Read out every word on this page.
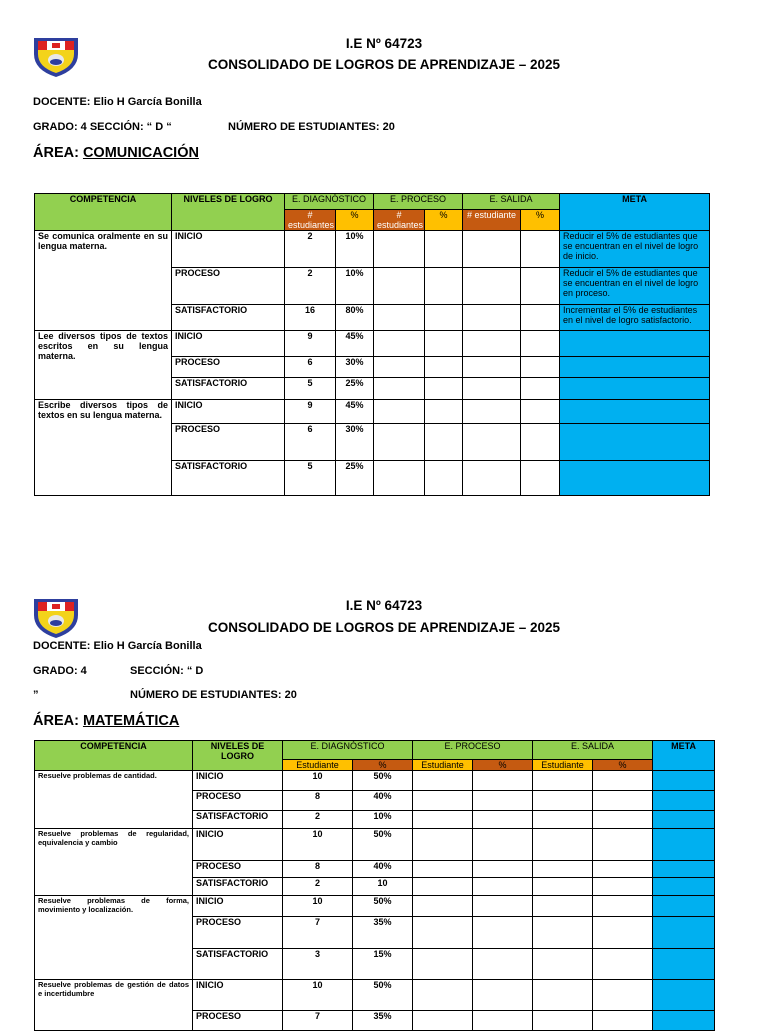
I.E Nº 64723
CONSOLIDADO DE LOGROS DE APRENDIZAJE – 2025
DOCENTE: Elio H García Bonilla
GRADO: 4 SECCIÓN: “ D “	NÚMERO DE ESTUDIANTES: 20
ÁREA: COMUNICACIÓN
COMPETENCIA	NIVELES DE LOGRO	E. DIAGNÓSTICO		E. PROCESO		E. SALIDA		META
		# estudiantes	%	# estudiantes	%	# estudiante	%	
Se comunica oralmente en su lengua materna.	INICIO	2	10%					Reducir el 5% de estudiantes que se encuentran en el nivel de logro de inicio.
	PROCESO	2	10%					Reducir el 5% de estudiantes que se encuentran en el nivel de logro en proceso.
	SATISFACTORIO	16	80%					Incrementar el 5% de estudiantes en el nivel de logro satisfactorio.
Lee diversos tipos de textos escritos en su lengua materna.	INICIO	9	45%					
	PROCESO	6	30%					
	SATISFACTORIO	5	25%					
Escribe diversos tipos de textos en su lengua materna.	INICIO	9	45%					
	PROCESO	6	30%					
	SATISFACTORIO	5	25%					
I.E Nº 64723
CONSOLIDADO DE LOGROS DE APRENDIZAJE – 2025
DOCENTE: Elio H García Bonilla
GRADO: 4	SECCIÓN: “ D
”	NÚMERO DE ESTUDIANTES: 20
ÁREA: MATEMÁTICA
COMPETENCIA	NIVELES DE LOGRO	E. DIAGNÓSTICO		E. PROCESO		E. SALIDA		META
		Estudiante	%	Estudiante	%	Estudiante	%	
Resuelve problemas de cantidad.	INICIO	10	50%					
	PROCESO	8	40%					
	SATISFACTORIO	2	10%					
Resuelve problemas de regularidad, equivalencia y cambio	INICIO	10	50%					
	PROCESO	8	40%					
	SATISFACTORIO	2	10					
Resuelve problemas de forma, movimiento y localización.	INICIO	10	50%					
	PROCESO	7	35%					
	SATISFACTORIO	3	15%					
Resuelve problemas de gestión de datos e incertidumbre	INICIO	10	50%					
	PROCESO	7	35%					
